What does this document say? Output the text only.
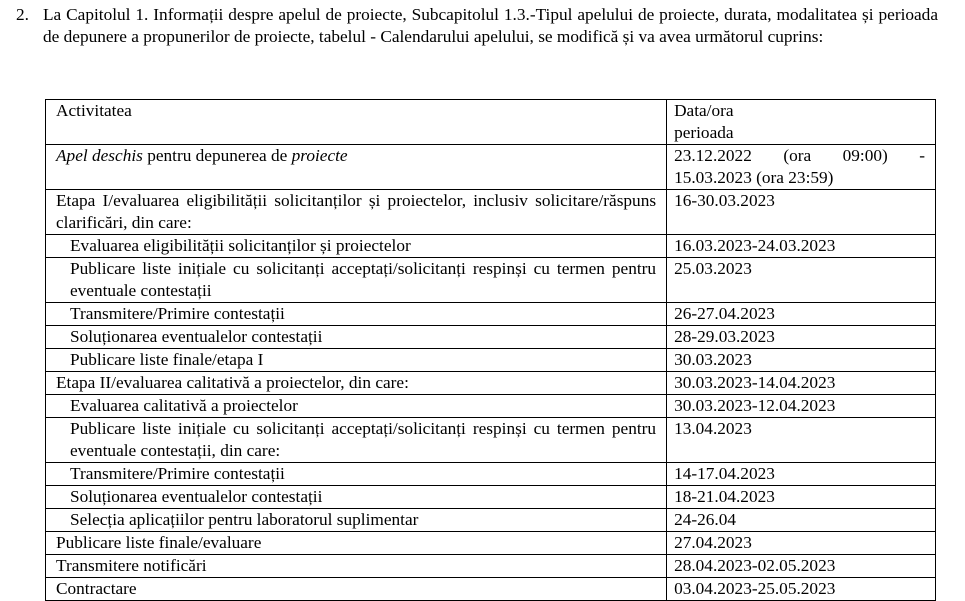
2. La Capitolul 1. Informații despre apelul de proiecte, Subcapitolul 1.3.-Tipul apelului de proiecte, durata, modalitatea și perioada de depunere a propunerilor de proiecte, tabelul - Calendarului apelului, se modifică și va avea următorul cuprins:
Activitatea	Data/ora
perioada

Apel deschis pentru depunerea de proiecte	23.12.2022 (ora 09:00) -
15.03.2023 (ora 23:59)

Etapa I/evaluarea eligibilității solicitanților și proiectelor, inclusiv solicitare/răspuns clarificări, din care:	16-30.03.2023

Evaluarea eligibilității solicitanților și proiectelor	16.03.2023-24.03.2023

Publicare liste inițiale cu solicitanți acceptați/solicitanți respinși cu termen pentru eventuale contestații	25.03.2023

Transmitere/Primire contestații	26-27.04.2023

Soluționarea eventualelor contestații	28-29.03.2023

Publicare liste finale/etapa I	30.03.2023
Etapa II/evaluarea calitativă a proiectelor, din care:	30.03.2023-14.04.2023

Evaluarea calitativă a proiectelor	30.03.2023-12.04.2023

Publicare liste inițiale cu solicitanți acceptați/solicitanți respinși cu termen pentru eventuale contestații, din care:	13.04.2023

Transmitere/Primire contestații	14-17.04.2023

Soluționarea eventualelor contestații	18-21.04.2023

Selecția aplicațiilor pentru laboratorul suplimentar	24-26.04
Publicare liste finale/evaluare	27.04.2023
Transmitere notificări	28.04.2023-02.05.2023
Contractare	03.04.2023-25.05.2023
